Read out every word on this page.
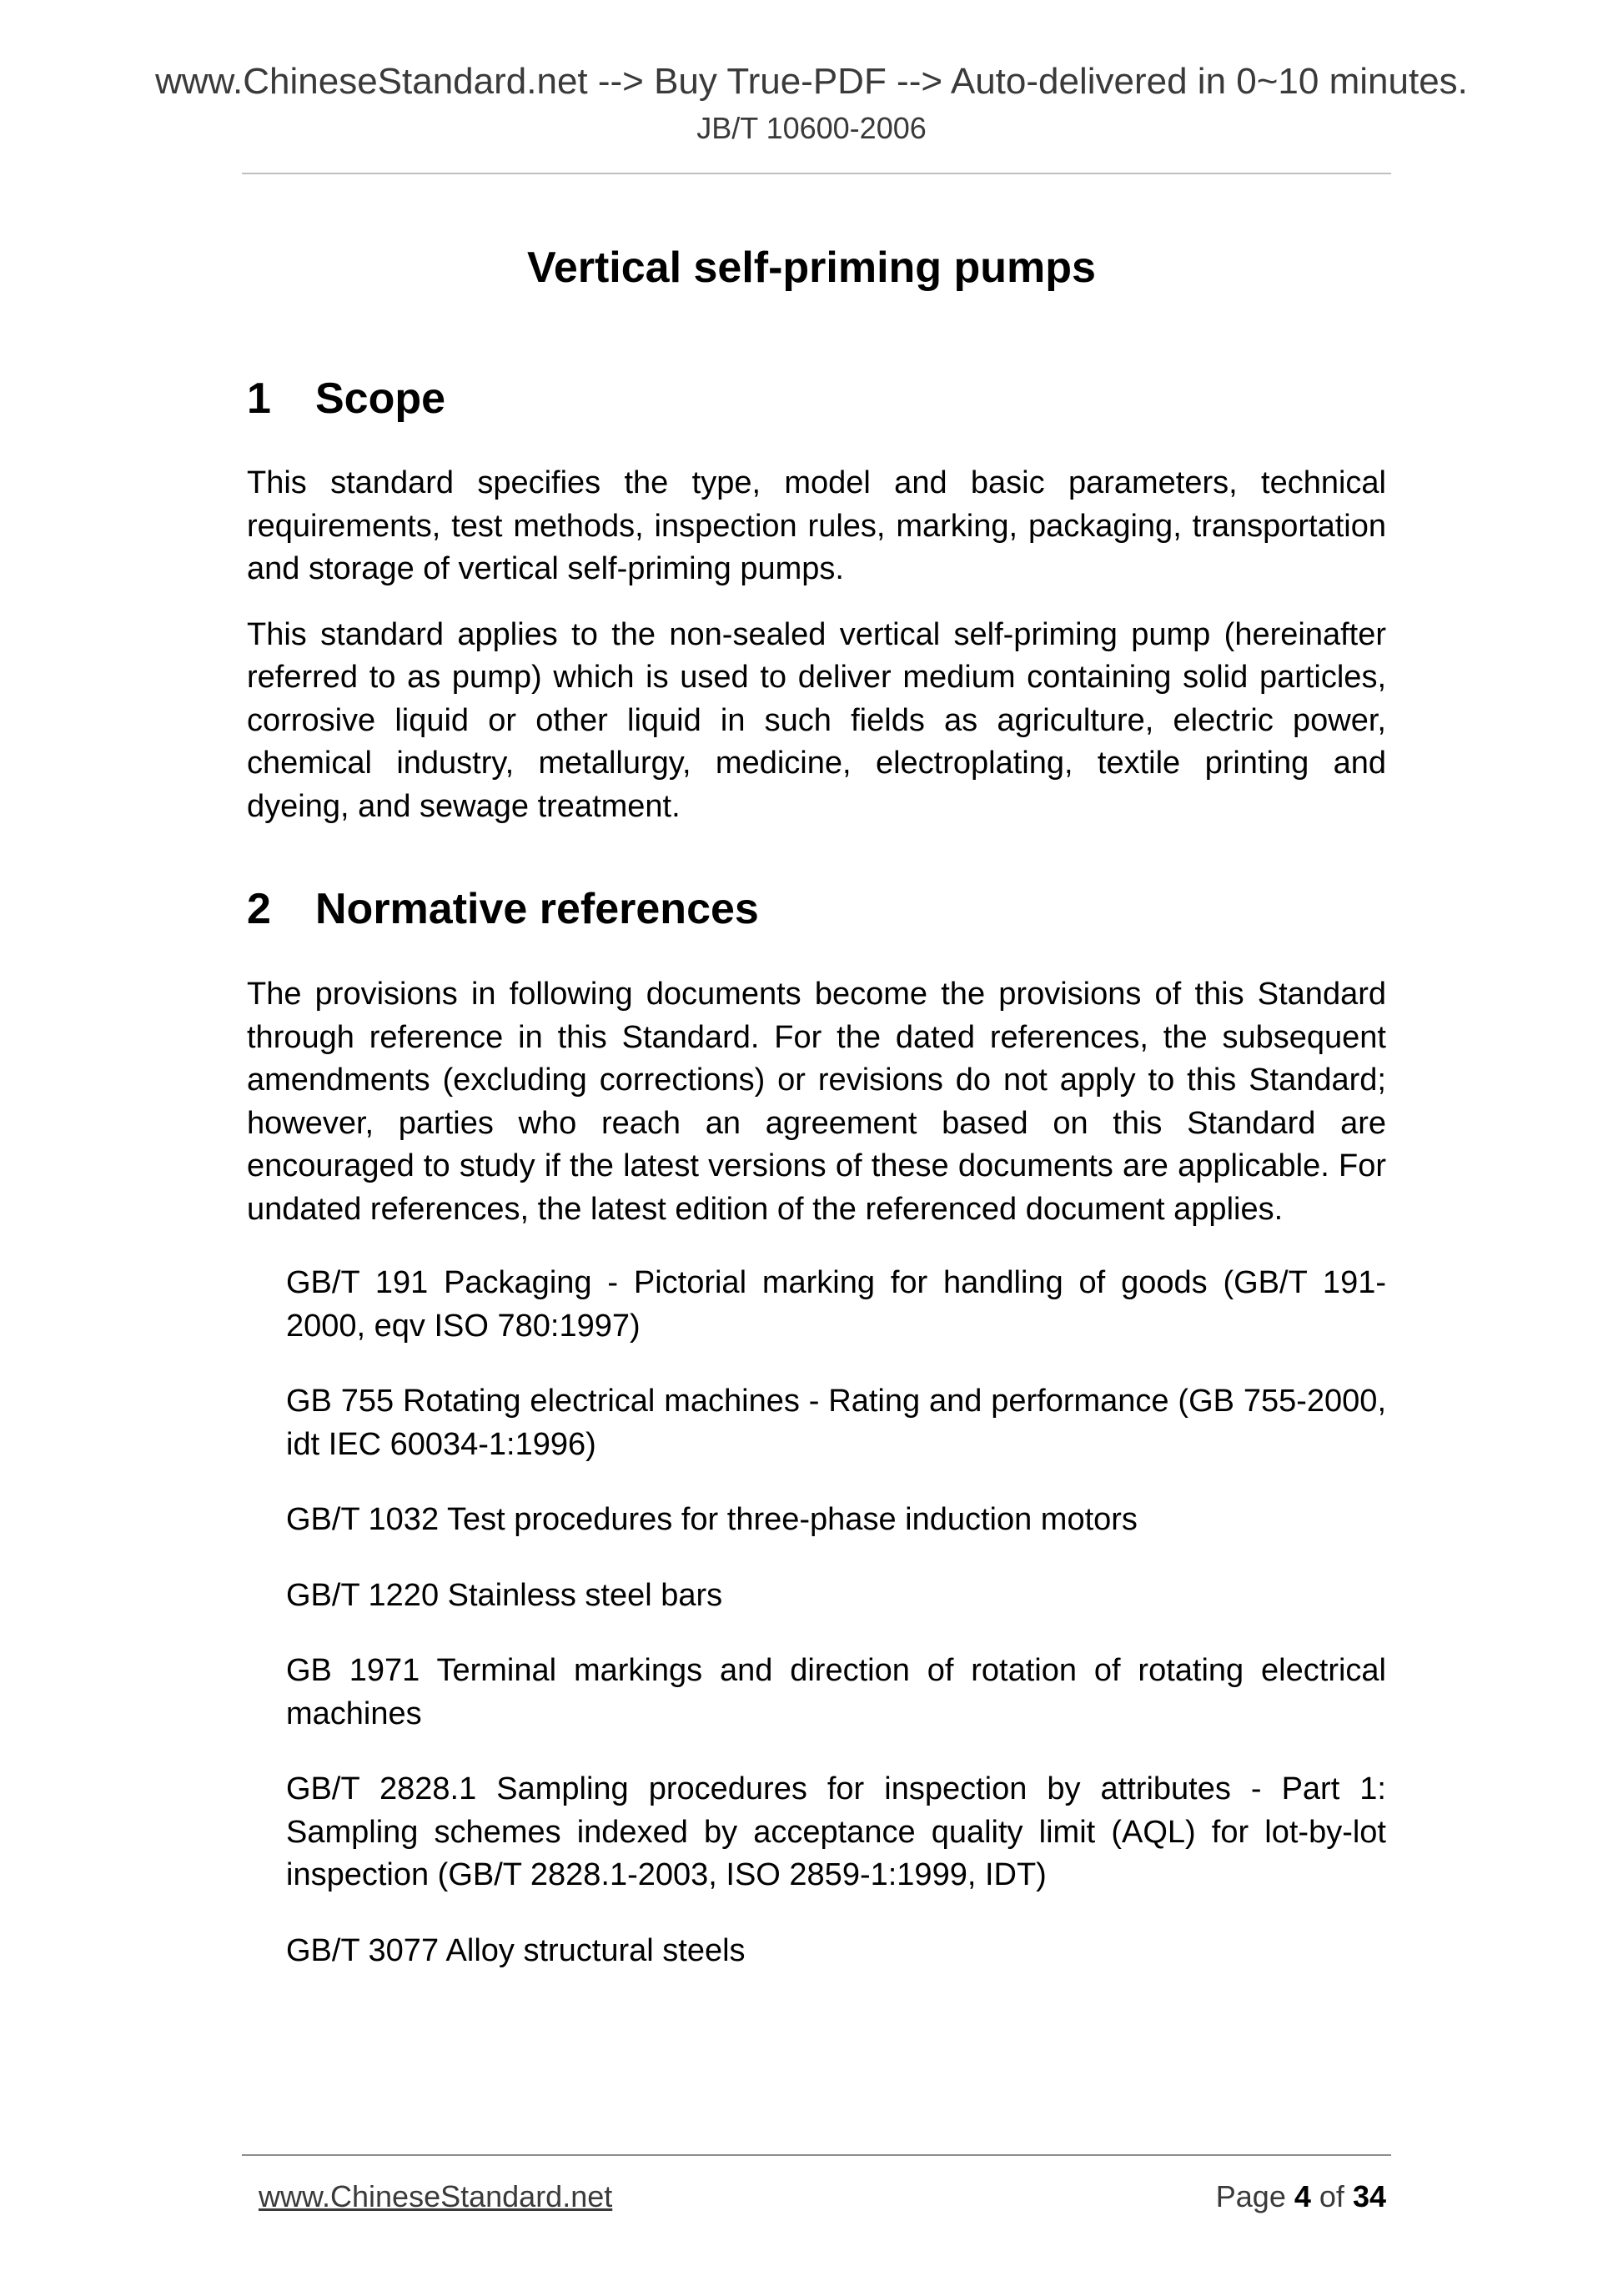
www.ChineseStandard.net --> Buy True-PDF --> Auto-delivered in 0~10 minutes.
JB/T 10600-2006
Vertical self-priming pumps
1 Scope

This standard specifies the type, model and basic parameters, technical requirements, test methods, inspection rules, marking, packaging, transportation and storage of vertical self-priming pumps.

This standard applies to the non-sealed vertical self-priming pump (hereinafter referred to as pump) which is used to deliver medium containing solid particles, corrosive liquid or other liquid in such fields as agriculture, electric power, chemical industry, metallurgy, medicine, electroplating, textile printing and dyeing, and sewage treatment.

2 Normative references

The provisions in following documents become the provisions of this Standard through reference in this Standard. For the dated references, the subsequent amendments (excluding corrections) or revisions do not apply to this Standard; however, parties who reach an agreement based on this Standard are encouraged to study if the latest versions of these documents are applicable. For undated references, the latest edition of the referenced document applies.

GB/T 191 Packaging - Pictorial marking for handling of goods (GB/T 191-2000, eqv ISO 780:1997)

GB 755 Rotating electrical machines - Rating and performance (GB 755-2000, idt IEC 60034-1:1996)

GB/T 1032 Test procedures for three-phase induction motors

GB/T 1220 Stainless steel bars

GB 1971 Terminal markings and direction of rotation of rotating electrical machines

GB/T 2828.1 Sampling procedures for inspection by attributes - Part 1: Sampling schemes indexed by acceptance quality limit (AQL) for lot-by-lot inspection (GB/T 2828.1-2003, ISO 2859-1:1999, IDT)

GB/T 3077 Alloy structural steels

www.ChineseStandard.net	Page 4 of 34
